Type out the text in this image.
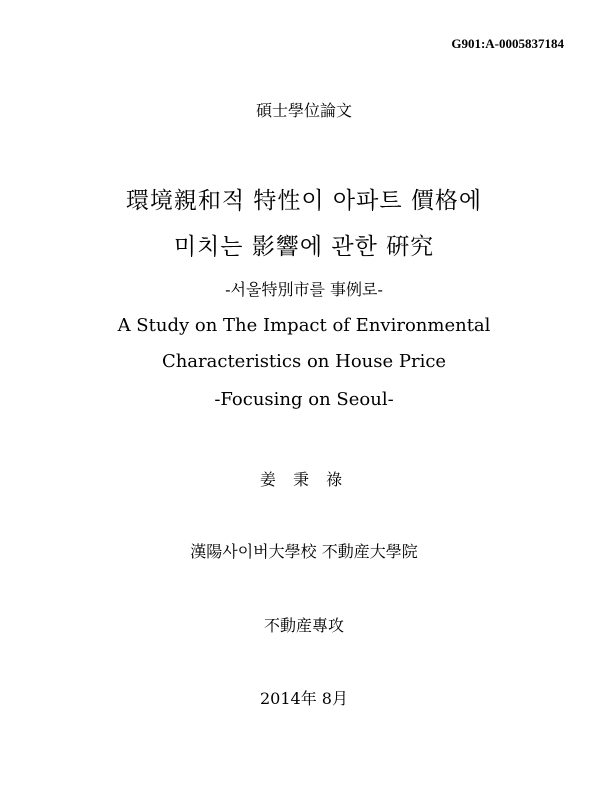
G901:A-0005837184
碩士學位論文
環境親和적 特性이 아파트 價格에
미치는 影響에 관한 硏究
-서울特別市를 事例로-
A Study on The Impact of Environmental
Characteristics on House Price
-Focusing on Seoul-
姜 秉 祿
漢陽사이버大學校 不動産大學院
不動産專攻
2014年 8月
